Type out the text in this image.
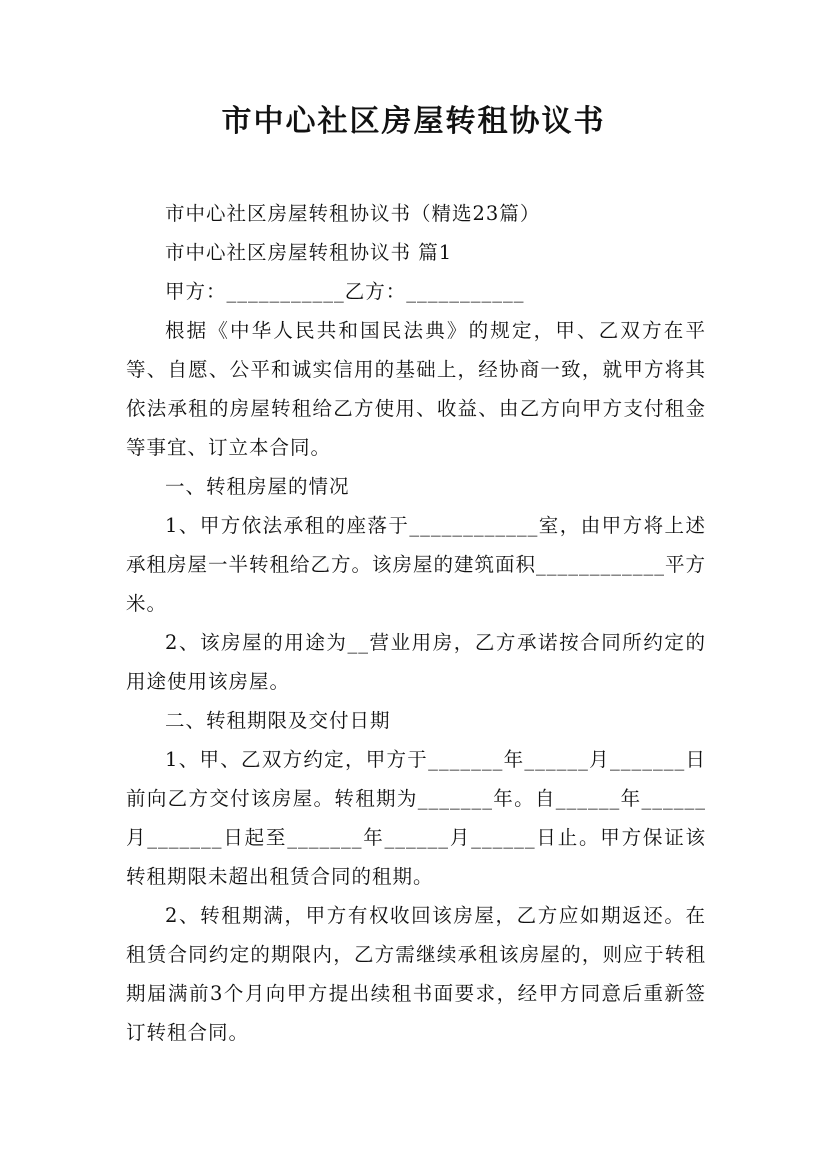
市中心社区房屋转租协议书
市中心社区房屋转租协议书（精选23篇）
市中心社区房屋转租协议书 篇1
甲方：___________乙方：___________
根据《中华人民共和国民法典》的规定，甲、乙双方在平等、自愿、公平和诚实信用的基础上，经协商一致，就甲方将其依法承租的房屋转租给乙方使用、收益、由乙方向甲方支付租金等事宜、订立本合同。
一、转租房屋的情况
1、甲方依法承租的座落于____________室，由甲方将上述承租房屋一半转租给乙方。该房屋的建筑面积____________平方米。
2、该房屋的用途为__营业用房，乙方承诺按合同所约定的用途使用该房屋。
二、转租期限及交付日期
1、甲、乙双方约定，甲方于_______年______月_______日前向乙方交付该房屋。转租期为_______年。自______年______月_______日起至_______年______月______日止。甲方保证该转租期限未超出租赁合同的租期。
2、转租期满，甲方有权收回该房屋，乙方应如期返还。在租赁合同约定的期限内，乙方需继续承租该房屋的，则应于转租期届满前3个月向甲方提出续租书面要求，经甲方同意后重新签订转租合同。
